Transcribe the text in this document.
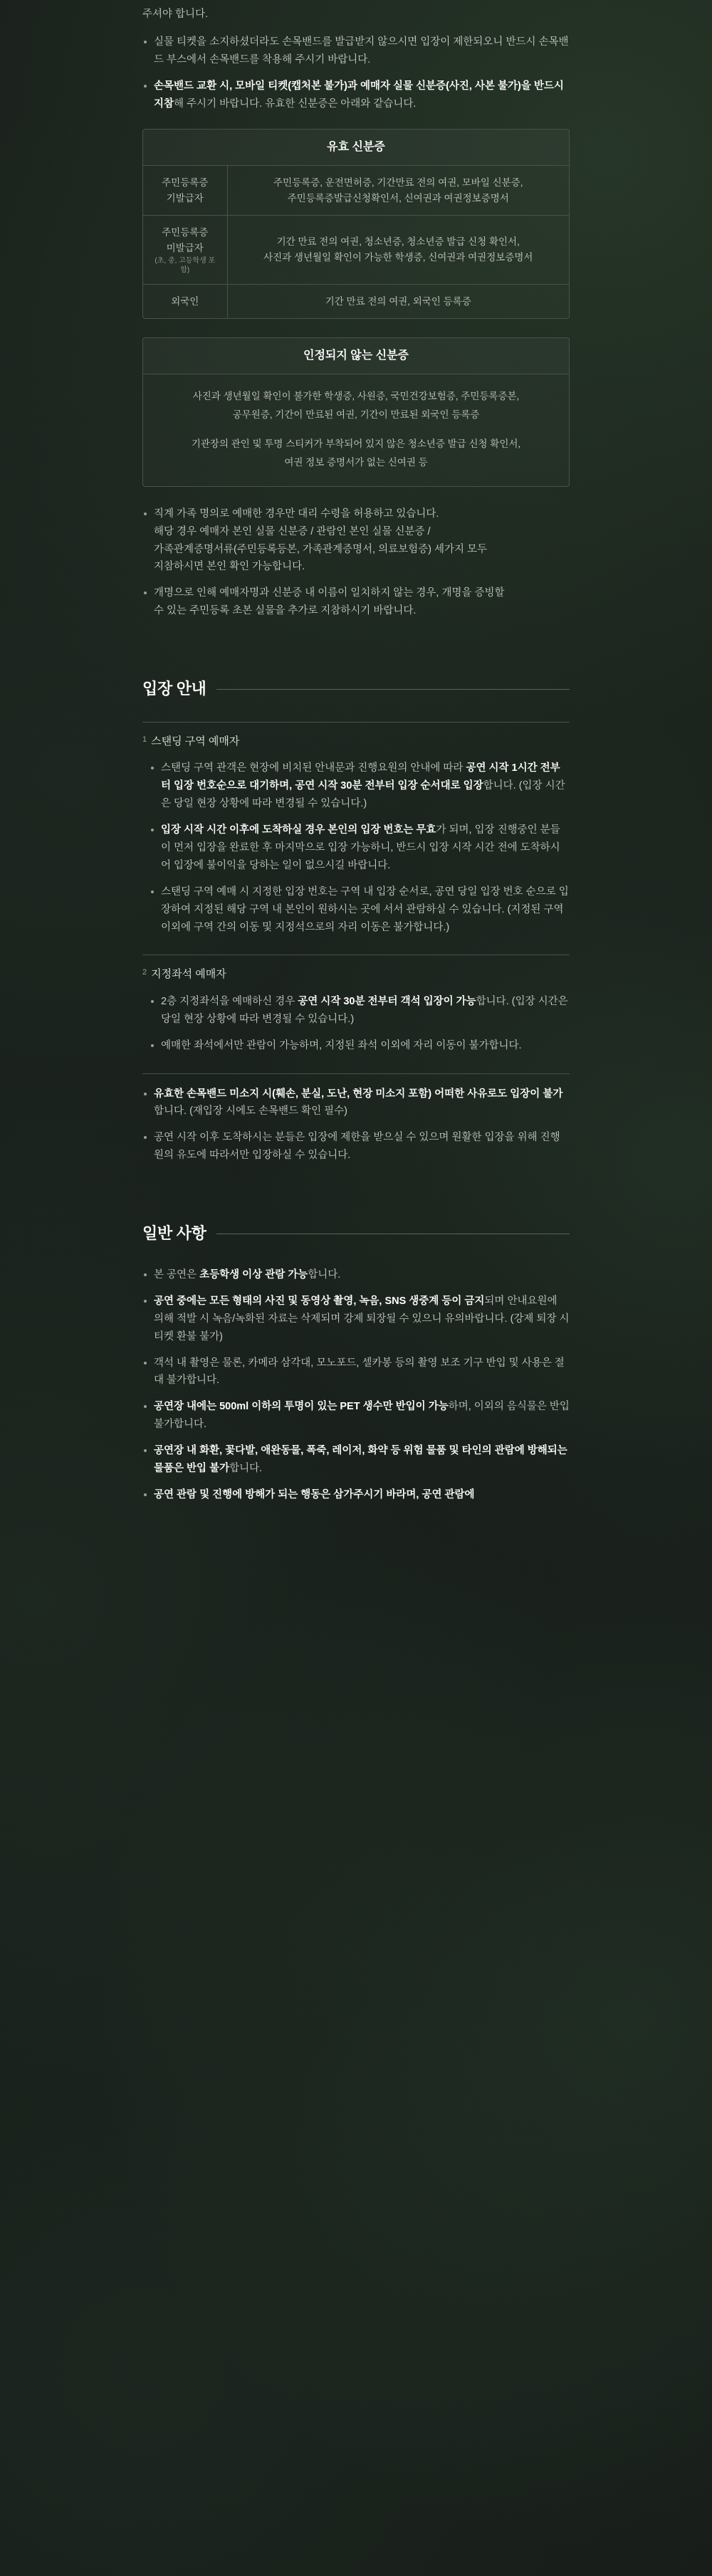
주셔야 합니다.
실물 티켓을 소지하셨더라도 손목밴드를 발급받지 않으시면 입장이 제한되오니 반드시 손목밴드 부스에서 손목밴드를 착용해 주시기 바랍니다.
손목밴드 교환 시, 모바일 티켓(캡처본 불가)과 예매자 실물 신분증(사진, 사본 불가)을 반드시 지참해 주시기 바랍니다. 유효한 신분증은 아래와 같습니다.
유효 신분증
주민등록증
기발급자	주민등록증, 운전면허증, 기간만료 전의 여권, 모바일 신분증,
주민등록증발급신청확인서, 신여권과 여권정보증명서
주민등록증
미발급자
(초, 중, 고등학생 포함)	기간 만료 전의 여권, 청소년증, 청소년증 발급 신청 확인서,
사진과 생년월일 확인이 가능한 학생증, 신여권과 여권정보증명서
외국인	기간 만료 전의 여권, 외국인 등록증
인정되지 않는 신분증

사진과 생년월일 확인이 불가한 학생증, 사원증, 국민건강보험증, 주민등록증본,
공무원증, 기간이 만료된 여권, 기간이 만료된 외국인 등록증

기관장의 관인 및 투명 스티커가 부착되어 있지 않은 청소년증 발급 신청 확인서,
여권 정보 증명서가 없는 신여권 등

직계 가족 명의로 예매한 경우만 대리 수령을 허용하고 있습니다.
해당 경우 예매자 본인 실물 신분증 / 관람인 본인 실물 신분증 /
가족관계증명서류(주민등록등본, 가족관계증명서, 의료보험증) 세가지 모두
지참하시면 본인 확인 가능합니다.
개명으로 인해 예매자명과 신분증 내 이름이 일치하지 않는 경우, 개명을 증빙할
수 있는 주민등록 초본 실물을 추가로 지참하시기 바랍니다.
입장 안내
1 스탠딩 구역 예매자
스탠딩 구역 관객은 현장에 비치된 안내문과 진행요원의 안내에 따라 공연 시작 1시간 전부터 입장 번호순으로 대기하며, 공연 시작 30분 전부터 입장 순서대로 입장합니다. (입장 시간은 당일 현장 상황에 따라 변경될 수 있습니다.)
입장 시작 시간 이후에 도착하실 경우 본인의 입장 번호는 무효가 되며, 입장 진행중인 분들이 먼저 입장을 완료한 후 마지막으로 입장 가능하니, 반드시 입장 시작 시간 전에 도착하시어 입장에 불이익을 당하는 일이 없으시길 바랍니다.
스탠딩 구역 예매 시 지정한 입장 번호는 구역 내 입장 순서로, 공연 당일 입장 번호 순으로 입장하여 지정된 해당 구역 내 본인이 원하시는 곳에 서서 관람하실 수 있습니다. (지정된 구역 이외에 구역 간의 이동 및 지정석으로의 자리 이동은 불가합니다.)
2 지정좌석 예매자
2층 지정좌석을 예매하신 경우 공연 시작 30분 전부터 객석 입장이 가능합니다. (입장 시간은 당일 현장 상황에 따라 변경될 수 있습니다.)
예매한 좌석에서만 관람이 가능하며, 지정된 좌석 이외에 자리 이동이 불가합니다.
유효한 손목밴드 미소지 시(훼손, 분실, 도난, 현장 미소지 포함) 어떠한 사유로도 입장이 불가합니다. (재입장 시에도 손목밴드 확인 필수)
공연 시작 이후 도착하시는 분들은 입장에 제한을 받으실 수 있으며 원활한 입장을 위해 진행원의 유도에 따라서만 입장하실 수 있습니다.
일반 사항
본 공연은 초등학생 이상 관람 가능합니다.
공연 중에는 모든 형태의 사진 및 동영상 촬영, 녹음, SNS 생중계 등이 금지되며 안내요원에 의해 적발 시 녹음/녹화된 자료는 삭제되며 강제 퇴장될 수 있으니 유의바랍니다. (강제 퇴장 시 티켓 환불 불가)
객석 내 촬영은 물론, 카메라 삼각대, 모노포드, 셀카봉 등의 촬영 보조 기구 반입 및 사용은 절대 불가합니다.
공연장 내에는 500ml 이하의 투명이 있는 PET 생수만 반입이 가능하며, 이외의 음식물은 반입 불가합니다.
공연장 내 화환, 꽃다발, 애완동물, 폭죽, 레이저, 화약 등 위험 물품 및 타인의 관람에 방해되는 물품은 반입 불가합니다.
공연 관람 및 진행에 방해가 되는 행동은 삼가주시기 바라며, 공연 관람에
